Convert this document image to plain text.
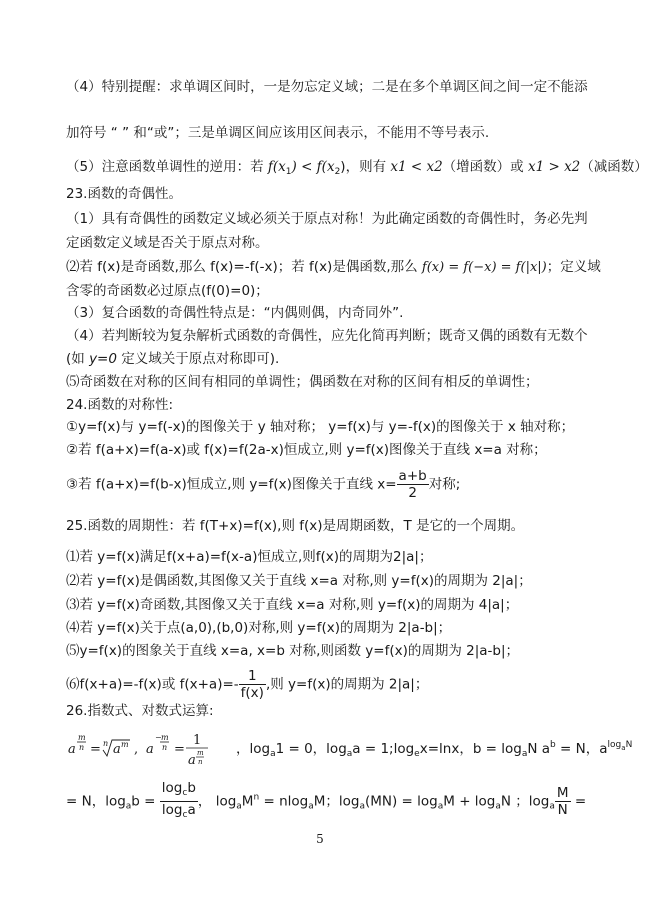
（4）特别提醒：求单调区间时，一是勿忘定义域；二是在多个单调区间之间一定不能添
加符号 “ ” 和“或”；三是单调区间应该用区间表示，不能用不等号表示.
（5）注意函数单调性的逆用：若 $f(x_1) < f(x_2)$，则有 x1 < x2（增函数）或 x1 > x2（减函数）
23.函数的奇偶性。
（1）具有奇偶性的函数定义域必须关于原点对称！为此确定函数的奇偶性时，务必先判
定函数定义域是否关于原点对称。
⑵若 f(x)是奇函数,那么 f(x)=-f(-x)；若 f(x)是偶函数,那么 f(x) = f(−x) = f(|x|)；定义域
含零的奇函数必过原点(f(0)=0)；
（3）复合函数的奇偶性特点是：“内偶则偶，内奇同外”.
（4）若判断较为复杂解析式函数的奇偶性，应先化简再判断；既奇又偶的函数有无数个
(如 y=0 定义域关于原点对称即可).
⑸奇函数在对称的区间有相同的单调性；偶函数在对称的区间有相反的单调性；
24.函数的对称性:
①y=f(x)与 y=f(-x)的图像关于 y 轴对称； y=f(x)与 y=-f(x)的图像关于 x 轴对称；
②若 f(a+x)=f(a-x)或 f(x)=f(2a-x)恒成立,则 y=f(x)图像关于直线 x=a 对称；
③若 f(a+x)=f(b-x)恒成立,则 y=f(x)图像关于直线 $x= \frac{a+b}{2}$ 对称;
25.函数的周期性：若 f(T+x)=f(x),则 f(x)是周期函数，T 是它的一个周期。
⑴若 y=f(x)满足f(x+a)=f(x-a)恒成立,则f(x)的周期为2|a|；
⑵若 y=f(x)是偶函数,其图像又关于直线 x=a 对称,则 y=f(x)的周期为 2|a|；
⑶若 y=f(x)奇函数,其图像又关于直线 x=a 对称,则 y=f(x)的周期为 4|a|；
⑷若 y=f(x)关于点(a,0),(b,0)对称,则 y=f(x)的周期为 2|a-b|；
⑸y=f(x)的图象关于直线 x=a, x=b 对称,则函数 y=f(x)的周期为 2|a-b|；
⑹f(x+a)=-f(x)或 $f(x+a)=- \frac{1}{f(x)}$ ,则 y=f(x)的周期为 2|a|；
26.指数式、对数式运算:
a
m
n = n a m , a
− m
n =
1
a m
n
，$\log_a1 = 0$，$\log_aa$ = $1;\log_ex=\ln x$，$b = \log_aN$ $a^b = N$，$a^{log_aN}$
= N，$\log_ab = \frac{\log_cb}{\log_ca}$ ， $\log_aM^n = nlog_aM$；$\log_a(MN) = \log_aM + \log_aN$ ；$\log_a \frac{M}{N}$ =
5
